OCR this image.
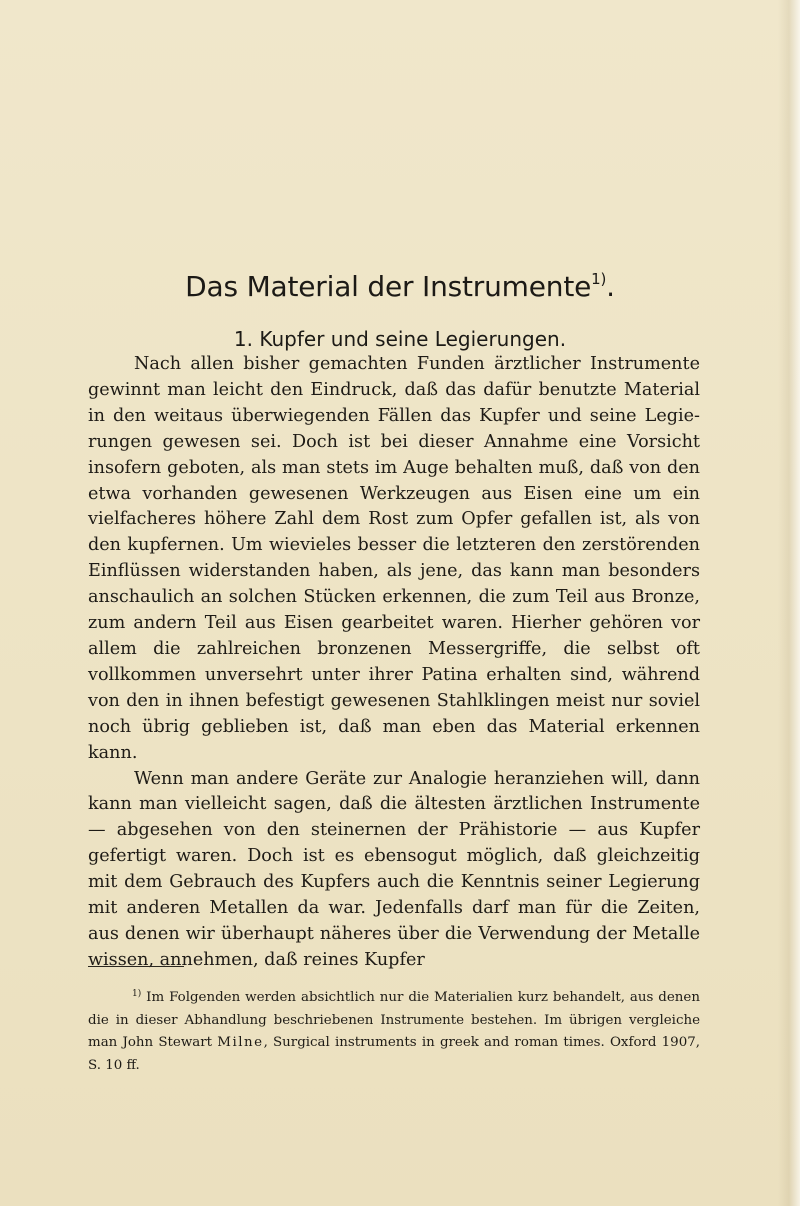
Das Material der Instrumente$^{1)}$.
1. Kupfer und seine Legierungen.

Nach allen bisher gemachten Funden ärztlicher Instrumente gewinnt man leicht den Eindruck, daß das dafür benutzte Material in den weitaus überwiegenden Fällen das Kupfer und seine Legierungen gewesen sei. Doch ist bei dieser Annahme eine Vorsicht insofern geboten, als man stets im Auge behalten muß, daß von den etwa vorhanden gewesenen Werkzeugen aus Eisen eine um ein vielfacheres höhere Zahl dem Rost zum Opfer gefallen ist, als von den kupfernen. Um wievieles besser die letzteren den zerstörenden Einflüssen widerstanden haben, als jene, das kann man besonders anschaulich an solchen Stücken erkennen, die zum Teil aus Bronze, zum andern Teil aus Eisen gearbeitet waren. Hierher gehören vor allem die zahlreichen bronzenen Messergriffe, die selbst oft vollkommen unversehrt unter ihrer Patina erhalten sind, während von den in ihnen befestigt gewesenen Stahlklingen meist nur soviel noch übrig geblieben ist, daß man eben das Material erkennen kann.

Wenn man andere Geräte zur Analogie heranziehen will, dann kann man vielleicht sagen, daß die ältesten ärztlichen Instrumente — abgesehen von den steinernen der Prähistorie — aus Kupfer gefertigt waren. Doch ist es ebensogut möglich, daß gleichzeitig mit dem Gebrauch des Kupfers auch die Kenntnis seiner Legierung mit anderen Metallen da war. Jedenfalls darf man für die Zeiten, aus denen wir überhaupt näheres über die Verwendung der Metalle wissen, annehmen, daß reines Kupfer

$^{1)}$ Im Folgenden werden absichtlich nur die Materialien kurz behandelt, aus denen die in dieser Abhandlung beschriebenen Instrumente bestehen. Im übrigen vergleiche man John Stewart Milne, Surgical instruments in greek and roman times. Oxford 1907, S. 10 ff.
